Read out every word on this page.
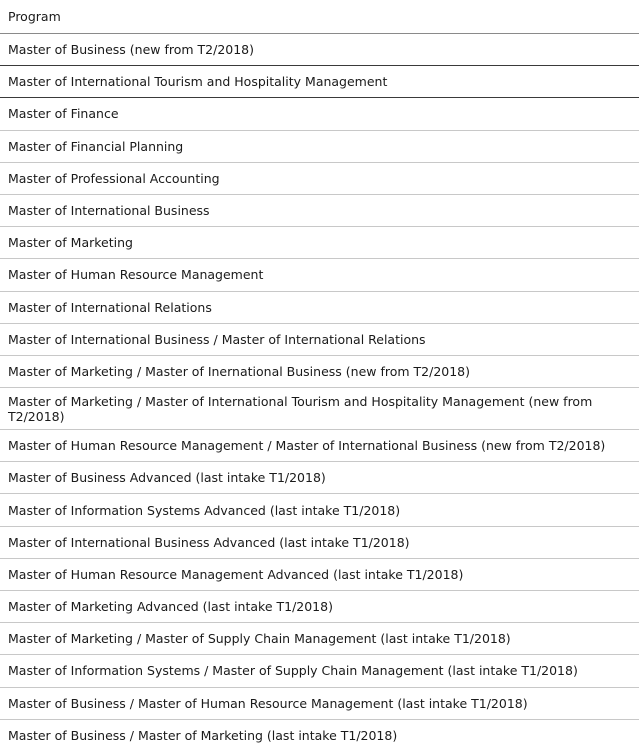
Program
Master of Business (new from T2/2018)
Master of International Tourism and Hospitality Management
Master of Finance
Master of Financial Planning
Master of Professional Accounting
Master of International Business
Master of Marketing
Master of Human Resource Management
Master of International Relations
Master of International Business / Master of International Relations
Master of Marketing / Master of Inernational Business (new from T2/2018)
Master of Marketing / Master of International Tourism and Hospitality Management (new from T2/2018)
Master of Human Resource Management / Master of International Business (new from T2/2018)
Master of Business Advanced (last intake T1/2018)
Master of Information Systems Advanced (last intake T1/2018)
Master of International Business Advanced (last intake T1/2018)
Master of Human Resource Management Advanced (last intake T1/2018)
Master of Marketing Advanced (last intake T1/2018)
Master of Marketing / Master of Supply Chain Management (last intake T1/2018)
Master of Information Systems / Master of Supply Chain Management (last intake T1/2018)
Master of Business / Master of Human Resource Management (last intake T1/2018)
Master of Business / Master of Marketing (last intake T1/2018)
